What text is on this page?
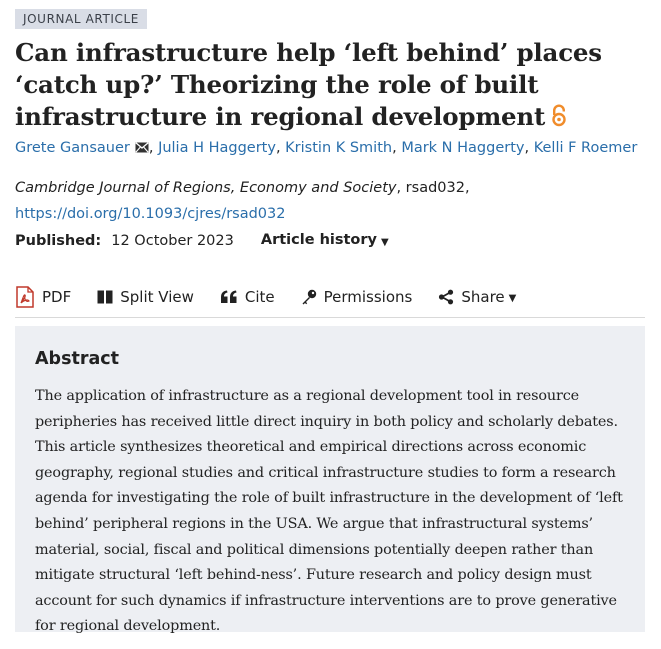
JOURNAL ARTICLE
Can infrastructure help ‘left behind’ places ‘catch up?’ Theorizing the role of built infrastructure in regional development
Grete Gansauer , Julia H Haggerty, Kristin K Smith, Mark N Haggerty, Kelli F Roemer
Cambridge Journal of Regions, Economy and Society, rsad032,
https://doi.org/10.1093/cjres/rsad032
Published: 12 October 2023 Article history ▼
PDF	Split View	Cite	Permissions	Share ▼
Abstract

The application of infrastructure as a regional development tool in resource peripheries has received little direct inquiry in both policy and scholarly debates. This article synthesizes theoretical and empirical directions across economic geography, regional studies and critical infrastructure studies to form a research agenda for investigating the role of built infrastructure in the development of ‘left behind’ peripheral regions in the USA. We argue that infrastructural systems’ material, social, fiscal and political dimensions potentially deepen rather than mitigate structural ‘left behind-ness’. Future research and policy design must account for such dynamics if infrastructure interventions are to prove generative for regional development.
